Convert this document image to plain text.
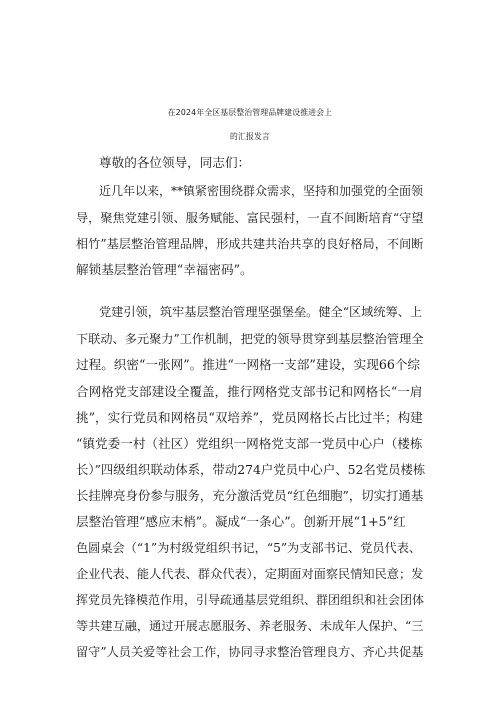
在2024年全区基层整治管理品牌建设推进会上
的汇报发言
尊敬的各位领导，同志们：
近几年以来，**镇紧密围绕群众需求，坚持和加强党的全面领
导，聚焦党建引领、服务赋能、富民强村，一直不间断培育“守望
相竹”基层整治管理品牌，形成共建共治共享的良好格局，不间断
解锁基层整治管理“幸福密码”。
党建引领，筑牢基层整治管理坚强堡垒。健全“区域统筹、上
下联动、多元聚力”工作机制，把党的领导贯穿到基层整治管理全
过程。织密“一张网”。推进“一网格一支部”建设，实现66个综
合网格党支部建设全覆盖，推行网格党支部书记和网格长“一肩
挑”，实行党员和网格员“双培养”，党员网格长占比过半；构建
“镇党委一村（社区）党组织一网格党支部一党员中心户（楼栋
长）”四级组织联动体系，带动274户党员中心户、52名党员楼栋
长挂牌亮身份参与服务，充分激活党员“红色细胞”，切实打通基
层整治管理“感应末梢”。凝成“一条心”。创新开展“1+5”红
色圆桌会（“1”为村级党组织书记，“5”为支部书记、党员代表、
企业代表、能人代表、群众代表），定期面对面察民情知民意；发
挥党员先锋模范作用，引导疏通基层党组织、群团组织和社会团体
等共建互融，通过开展志愿服务、养老服务、未成年人保护、“三
留守”人员关爱等社会工作，协同寻求整治管理良方、齐心共促基
